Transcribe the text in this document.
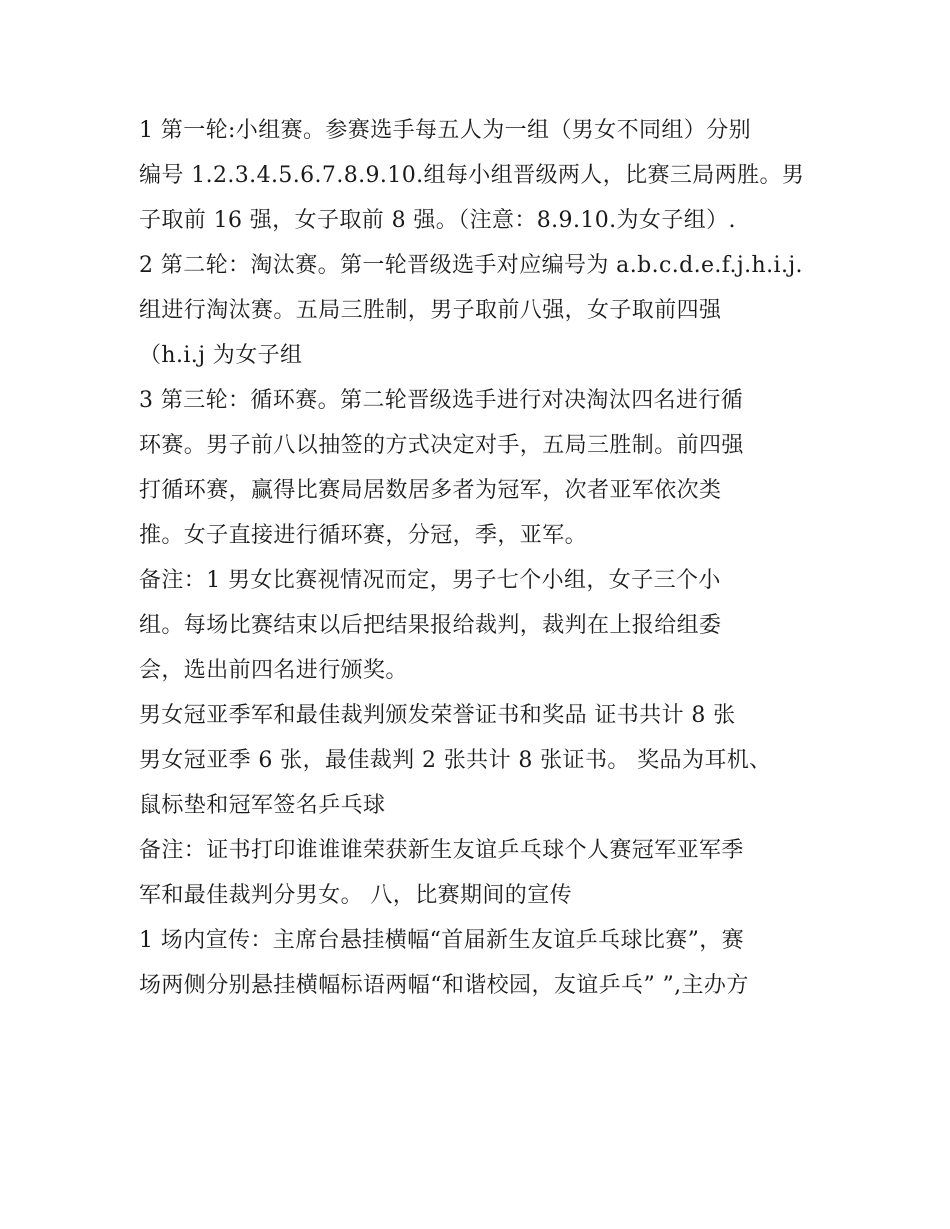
1 第一轮:小组赛。参赛选手每五人为一组（男女不同组）分别
编号 1.2.3.4.5.6.7.8.9.10.组每小组晋级两人，比赛三局两胜。男
子取前 16 强，女子取前 8 强。（注意：8.9.10.为女子组）.
2 第二轮：淘汰赛。第一轮晋级选手对应编号为 a.b.c.d.e.f.j.h.i.j.
组进行淘汰赛。五局三胜制，男子取前八强，女子取前四强
（h.i.j 为女子组
3 第三轮：循环赛。第二轮晋级选手进行对决淘汰四名进行循
环赛。男子前八以抽签的方式决定对手，五局三胜制。前四强
打循环赛，赢得比赛局居数居多者为冠军，次者亚军依次类
推。女子直接进行循环赛，分冠，季，亚军。
备注：1 男女比赛视情况而定，男子七个小组，女子三个小
组。每场比赛结束以后把结果报给裁判，裁判在上报给组委
会，选出前四名进行颁奖。
男女冠亚季军和最佳裁判颁发荣誉证书和奖品 证书共计 8 张
男女冠亚季 6 张，最佳裁判 2 张共计 8 张证书。 奖品为耳机、
鼠标垫和冠军签名乒乓球
备注：证书打印谁谁谁荣获新生友谊乒乓球个人赛冠军亚军季
军和最佳裁判分男女。 八，比赛期间的宣传
1 场内宣传：主席台悬挂横幅“首届新生友谊乒乓球比赛”，赛
场两侧分别悬挂横幅标语两幅“和谐校园，友谊乒乓” ”,主办方
